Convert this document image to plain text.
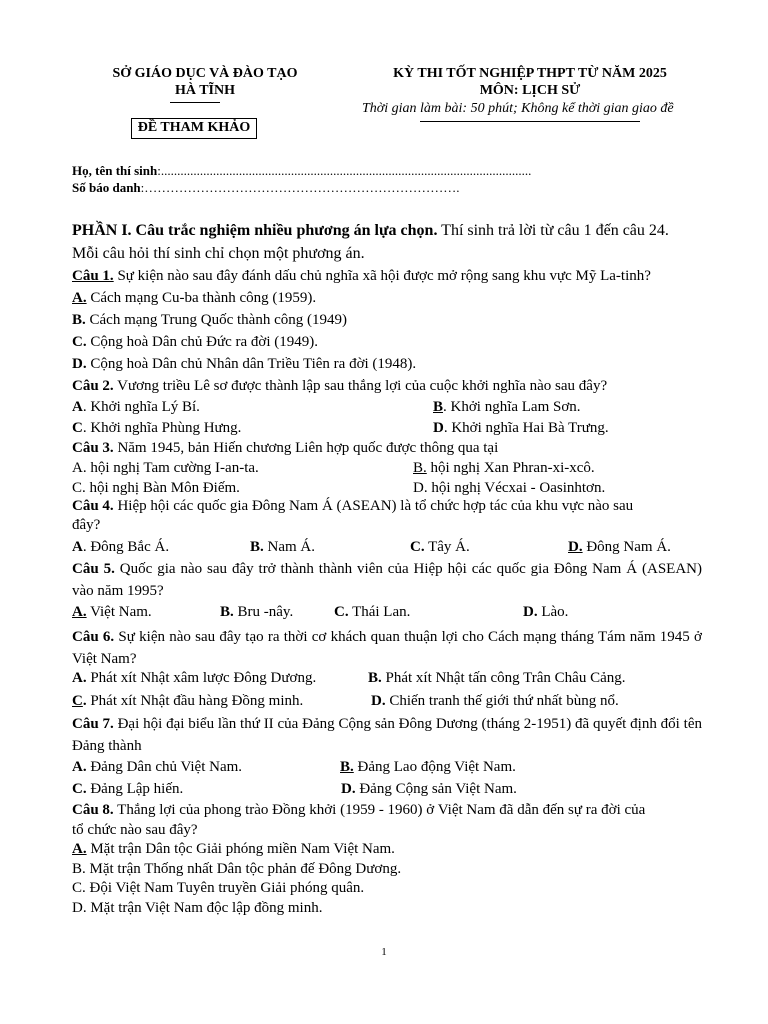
SỞ GIÁO DỤC VÀ ĐÀO TẠO
HÀ TĨNH
ĐỀ THAM KHẢO
KỲ THI TỐT NGHIỆP THPT TỪ NĂM 2025
MÔN: LỊCH SỬ
Thời gian làm bài: 50 phút; Không kể thời gian giao đề
Họ, tên thí sinh:..................................................................................................................
Số báo danh:……………………………………………………………….
PHẦN I. Câu trắc nghiệm nhiều phương án lựa chọn. Thí sinh trả lời từ câu 1 đến câu 24.
Mỗi câu hỏi thí sinh chỉ chọn một phương án.
Câu 1. Sự kiện nào sau đây đánh dấu chủ nghĩa xã hội được mở rộng sang khu vực Mỹ La-tinh?
A. Cách mạng Cu-ba thành công (1959).
B. Cách mạng Trung Quốc thành công (1949)
C. Cộng hoà Dân chủ Đức ra đời (1949).
D. Cộng hoà Dân chủ Nhân dân Triều Tiên ra đời (1948).
Câu 2. Vương triều Lê sơ được thành lập sau thắng lợi của cuộc khởi nghĩa nào sau đây?
A. Khởi nghĩa Lý Bí.	B. Khởi nghĩa Lam Sơn.
C. Khởi nghĩa Phùng Hưng.	D. Khởi nghĩa Hai Bà Trưng.
Câu 3. Năm 1945, bản Hiến chương Liên hợp quốc được thông qua tại
A. hội nghị Tam cường I-an-ta.	B. hội nghị Xan Phran-xi-xcô.
C. hội nghị Bàn Môn Điếm.	D. hội nghị Vécxai - Oasinhtơn.
Câu 4. Hiệp hội các quốc gia Đông Nam Á (ASEAN) là tổ chức hợp tác của khu vực nào sau
đây?
A. Đông Bắc Á.	B. Nam Á.	C. Tây Á.	D. Đông Nam Á.
Câu 5. Quốc gia nào sau đây trở thành thành viên của Hiệp hội các quốc gia Đông Nam Á (ASEAN) vào năm 1995?
A. Việt Nam.	B. Bru -nây.	C. Thái Lan.	D. Lào.
Câu 6. Sự kiện nào sau đây tạo ra thời cơ khách quan thuận lợi cho Cách mạng tháng Tám năm 1945 ở Việt Nam?
A. Phát xít Nhật xâm lược Đông Dương.	B. Phát xít Nhật tấn công Trân Châu Cảng.
C. Phát xít Nhật đầu hàng Đồng minh.	D. Chiến tranh thế giới thứ nhất bùng nổ.
Câu 7. Đại hội đại biểu lần thứ II của Đảng Cộng sản Đông Dương (tháng 2-1951) đã quyết định đổi tên Đảng thành
A. Đảng Dân chủ Việt Nam.	B. Đảng Lao động Việt Nam.
C. Đảng Lập hiến.	D. Đảng Cộng sản Việt Nam.
Câu 8. Thắng lợi của phong trào Đồng khởi (1959 - 1960) ở Việt Nam đã dẫn đến sự ra đời của
tổ chức nào sau đây?
A. Mặt trận Dân tộc Giải phóng miền Nam Việt Nam.
B. Mặt trận Thống nhất Dân tộc phản đế Đông Dương.
C. Đội Việt Nam Tuyên truyền Giải phóng quân.
D. Mặt trận Việt Nam độc lập đồng minh.
1
